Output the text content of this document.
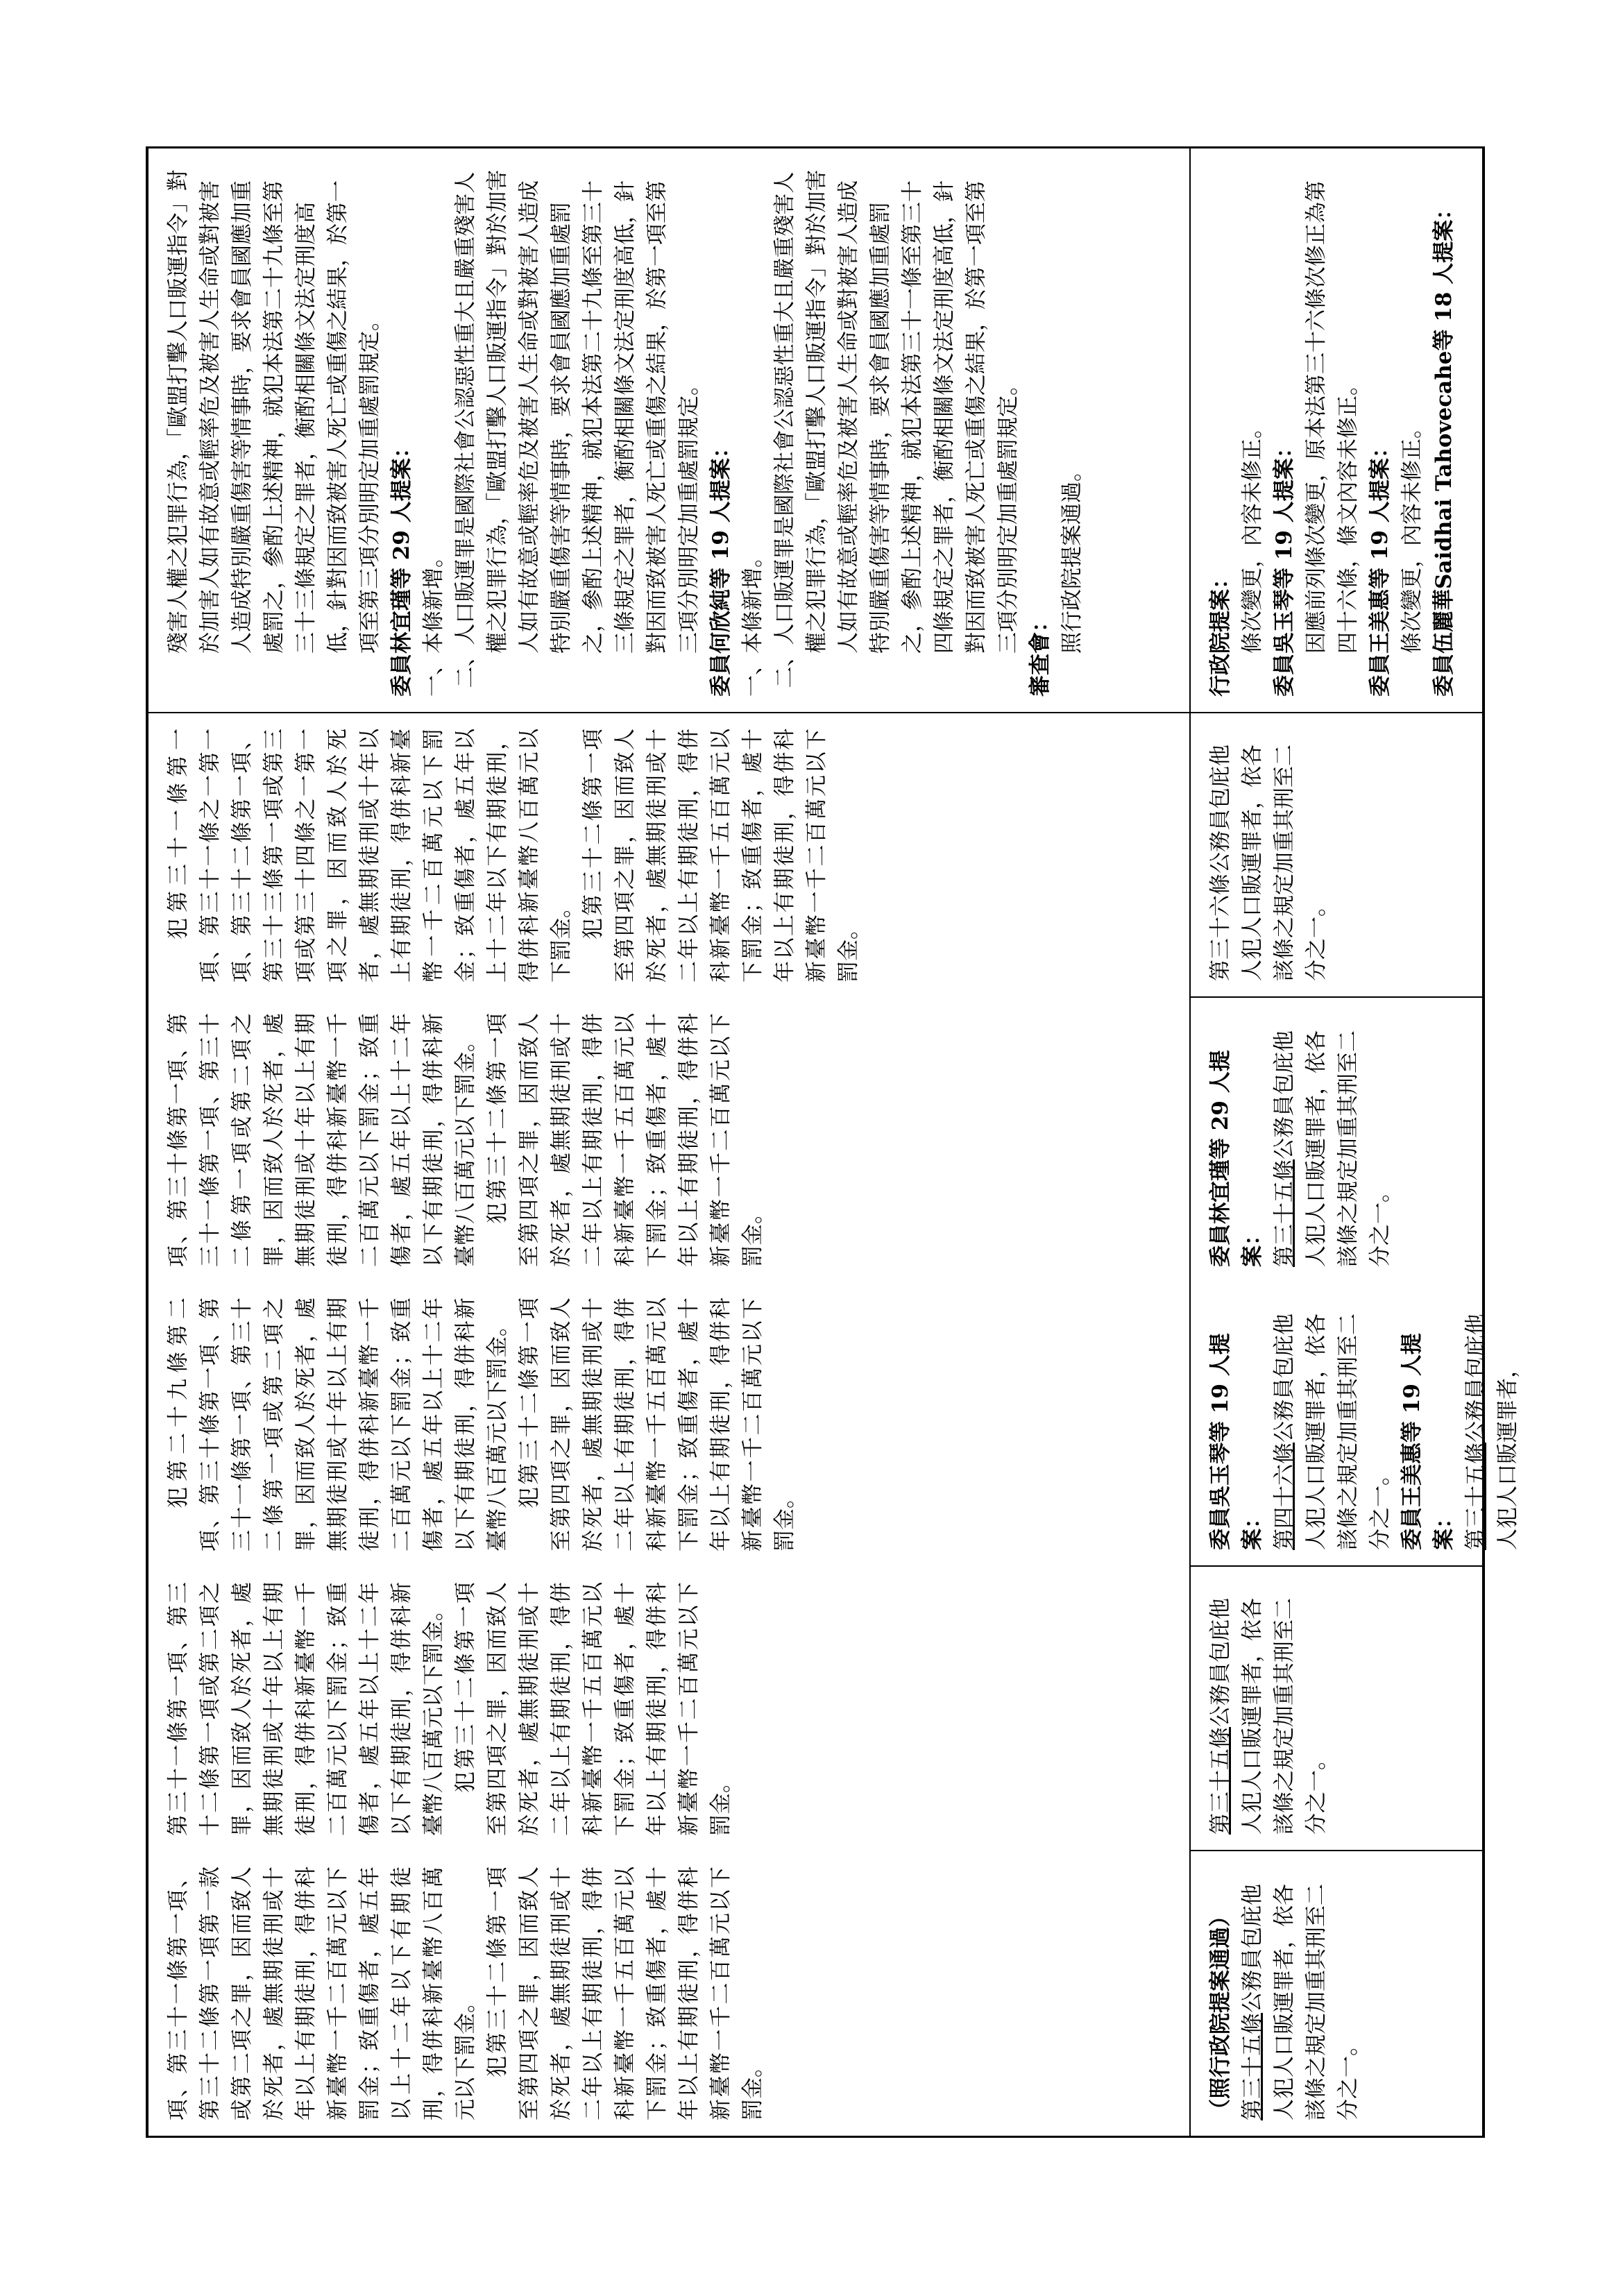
項、第三十一條第一項、第三十二條第一項第一款或第二項之罪，因而致人於死者，處無期徒刑或十年以上有期徒刑，得併科新臺幣一千二百萬元以下罰金；致重傷者，處五年以上十二年以下有期徒刑，得併科新臺幣八百萬元以下罰金。 犯第三十二條第一項至第四項之罪，因而致人於死者，處無期徒刑或十二年以上有期徒刑，得併科新臺幣一千五百萬元以下罰金；致重傷者，處十年以上有期徒刑，得併科新臺幣一千二百萬元以下罰金。

第三十一條第一項、第三十二條第一項或第二項之罪，因而致人於死者，處無期徒刑或十年以上有期徒刑，得併科新臺幣一千二百萬元以下罰金；致重傷者，處五年以上十二年以下有期徒刑，得併科新臺幣八百萬元以下罰金。 犯第三十二條第一項至第四項之罪，因而致人於死者，處無期徒刑或十二年以上有期徒刑，得併科新臺幣一千五百萬元以下罰金；致重傷者，處十年以上有期徒刑，得併科新臺幣一千二百萬元以下罰金。

犯第二十九條第二項、第三十條第一項、第三十一條第一項、第三十二條第一項或第二項之罪，因而致人於死者，處無期徒刑或十年以上有期徒刑，得併科新臺幣一千二百萬元以下罰金；致重傷者，處五年以上十二年以下有期徒刑，得併科新臺幣八百萬元以下罰金。 犯第三十二條第一項至第四項之罪，因而致人於死者，處無期徒刑或十二年以上有期徒刑，得併科新臺幣一千五百萬元以下罰金；致重傷者，處十年以上有期徒刑，得併科新臺幣一千二百萬元以下罰金。

項、第三十條第一項、第三十一條第一項、第三十二條第一項或第二項之罪，因而致人於死者，處無期徒刑或十年以上有期徒刑，得併科新臺幣一千二百萬元以下罰金；致重傷者，處五年以上十二年以下有期徒刑，得併科新臺幣八百萬元以下罰金。 犯第三十二條第一項至第四項之罪，因而致人於死者，處無期徒刑或十二年以上有期徒刑，得併科新臺幣一千五百萬元以下罰金；致重傷者，處十年以上有期徒刑，得併科新臺幣一千二百萬元以下罰金。

犯第三十一條第一項、第三十一條之一第一項、第三十二條第一項、第三十三條第一項或第三項或第三十四條之一第一項之罪，因而致人於死者，處無期徒刑或十年以上有期徒刑，得併科新臺幣一千二百萬元以下罰金；致重傷者，處五年以上十二年以下有期徒刑，得併科新臺幣八百萬元以下罰金。 犯第三十二條第一項至第四項之罪，因而致人於死者，處無期徒刑或十二年以上有期徒刑，得併科新臺幣一千五百萬元以下罰金；致重傷者，處十年以上有期徒刑，得併科新臺幣一千二百萬元以下罰金。

殘害人權之犯罪行為，「歐盟打擊人口販運指令」對於加害人如有故意或輕率危及被害人生命或對被害人造成特別嚴重傷害等情事時，要求會員國應加重處罰之，參酌上述精神，就犯本法第二十九條至第三十三條規定之罪者，衡酌相關條文法定刑度高低，針對因而致被害人死亡或重傷之結果，於第一項至第三項分別明定加重處罰規定。 委員林宜瑾等 29 人提案： 一、本條新增。 二、人口販運罪是國際社會公認惡性重大且嚴重殘害人權之犯罪行為，「歐盟打擊人口販運指令」對於加害人如有故意或輕率危及被害人生命或對被害人造成特別嚴重傷害等情事時，要求會員國應加重處罰之，參酌上述精神，就犯本法第二十九條至第三十三條規定之罪者，衡酌相關條文法定刑度高低，針對因而致被害人死亡或重傷之結果，於第一項至第三項分別明定加重處罰規定。 委員何欣純等 19 人提案： 一、本條新增。 二、人口販運罪是國際社會公認惡性重大且嚴重殘害人權之犯罪行為，「歐盟打擊人口販運指令」對於加害人如有故意或輕率危及被害人生命或對被害人造成特別嚴重傷害等情事時，要求會員國應加重處罰之，參酌上述精神，就犯本法第三十一條至第三十四條規定之罪者，衡酌相關條文法定刑度高低，針對因而致被害人死亡或重傷之結果，於第一項至第三項分別明定加重處罰規定。 審查會： 照行政院提案通過。
（照行政院提案通過） 第三十五條公務員包庇他人犯人口販運罪者，依各該條之規定加重其刑至二分之一。
第三十五條公務員包庇他人犯人口販運罪者，依各該條之規定加重其刑至二分之一。
委員吳玉琴等 19 人提案： 第四十六條公務員包庇他人犯人口販運罪者，依各該條之規定加重其刑至二分之一。 委員王美惠等 19 人提案： 第三十五條公務員包庇他人犯人口販運罪者，
委員林宜瑾等 29 人提案： 第三十五條公務員包庇他人犯人口販運罪者，依各該條之規定加重其刑至二分之一。
第三十六條公務員包庇他人犯人口販運罪者，依各該條之規定加重其刑至二分之一。
行政院提案： 條次變更，內容未修正。 委員吳玉琴等 19 人提案： 因應前列條次變更，原本法第三十六條次修正為第四十六條，條文內容未修正。 委員王美惠等 19 人提案： 條次變更，內容未修正。 委員伍麗華Saidhai Tahovecahe等 18 人提案：
